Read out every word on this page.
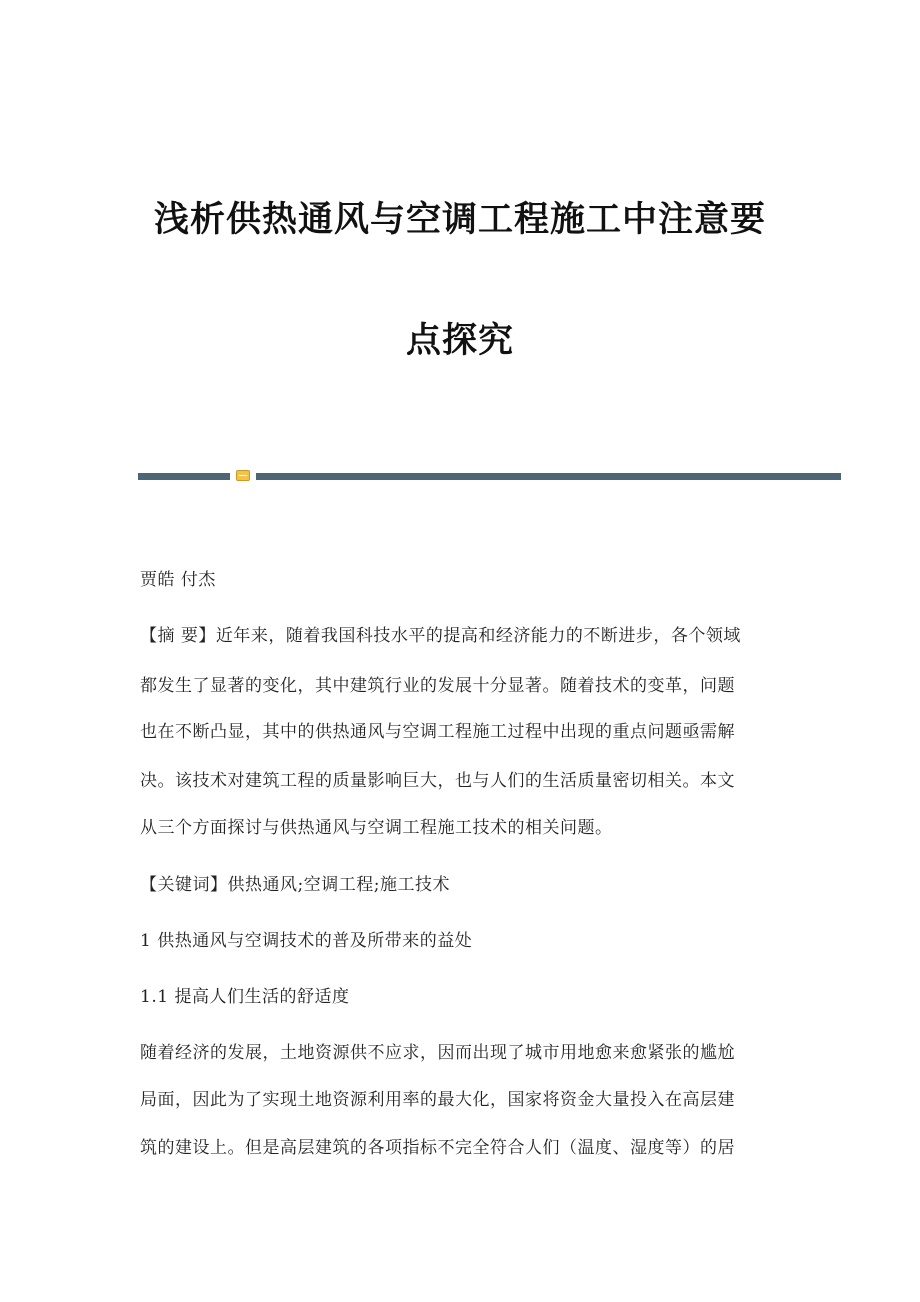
浅析供热通风与空调工程施工中注意要
点探究
贾皓 付杰
【摘 要】近年来，随着我国科技水平的提高和经济能力的不断进步，各个领域
都发生了显著的变化，其中建筑行业的发展十分显著。随着技术的变革，问题
也在不断凸显，其中的供热通风与空调工程施工过程中出现的重点问题亟需解
决。该技术对建筑工程的质量影响巨大，也与人们的生活质量密切相关。本文
从三个方面探讨与供热通风与空调工程施工技术的相关问题。
【关键词】供热通风;空调工程;施工技术
1 供热通风与空调技术的普及所带来的益处
1.1 提高人们生活的舒适度
随着经济的发展，土地资源供不应求，因而出现了城市用地愈来愈紧张的尴尬
局面，因此为了实现土地资源利用率的最大化，国家将资金大量投入在高层建
筑的建设上。但是高层建筑的各项指标不完全符合人们（温度、湿度等）的居
